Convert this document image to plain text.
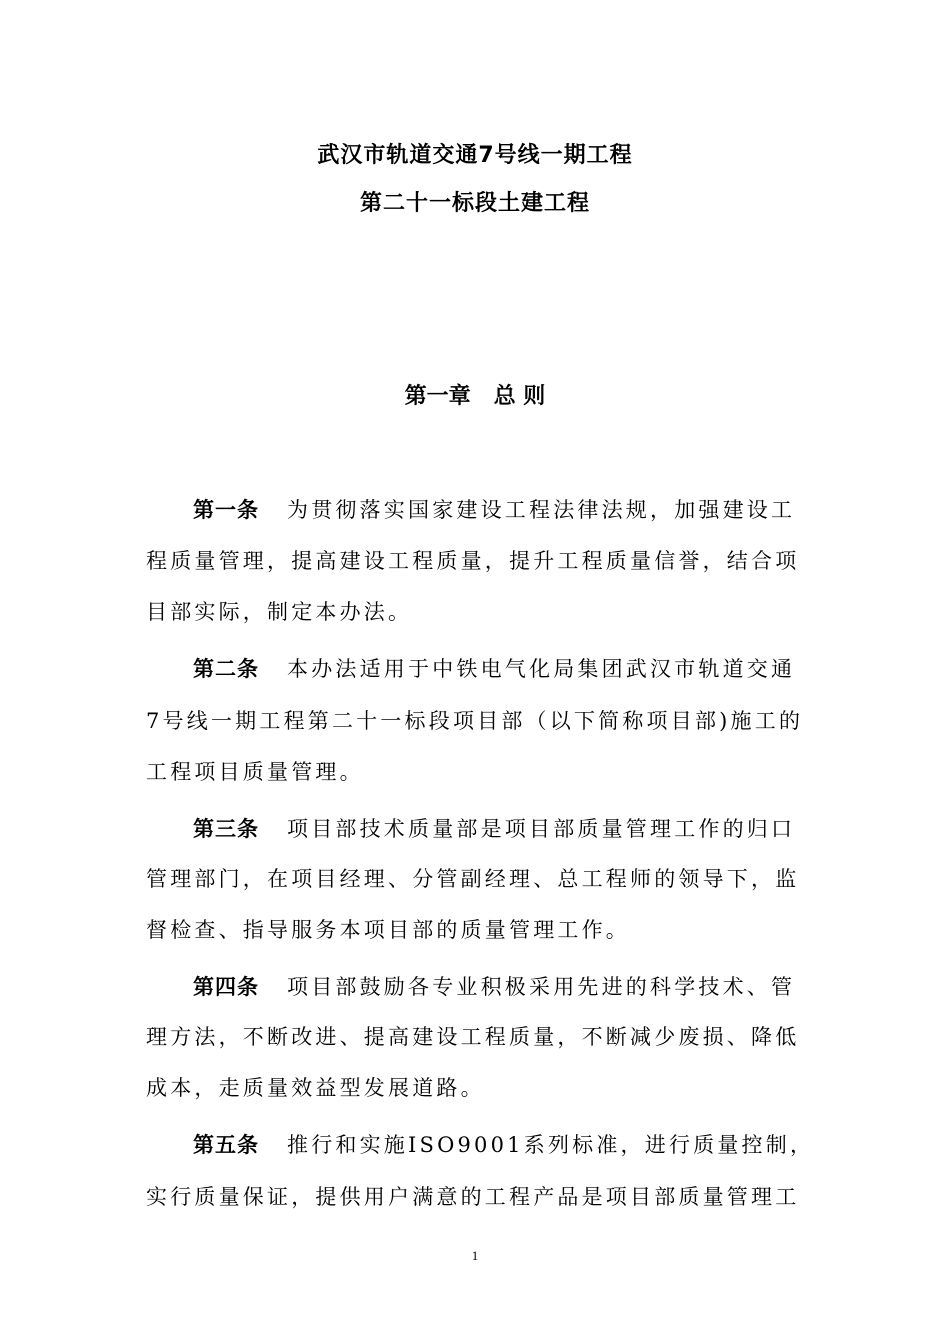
武汉市轨道交通7号线一期工程
第二十一标段土建工程
第一章   总 则
第一条 为贯彻落实国家建设工程法律法规，加强建设工
程质量管理，提高建设工程质量，提升工程质量信誉，结合项
目部实际，制定本办法。
第二条 本办法适用于中铁电气化局集团武汉市轨道交通
7号线一期工程第二十一标段项目部（以下简称项目部)施工的
工程项目质量管理。
第三条 项目部技术质量部是项目部质量管理工作的归口
管理部门，在项目经理、分管副经理、总工程师的领导下，监
督检查、指导服务本项目部的质量管理工作。
第四条 项目部鼓励各专业积极采用先进的科学技术、管
理方法，不断改进、提高建设工程质量，不断减少废损、降低
成本，走质量效益型发展道路。
第五条 推行和实施ISO9001系列标准，进行质量控制，
实行质量保证，提供用户满意的工程产品是项目部质量管理工
1
